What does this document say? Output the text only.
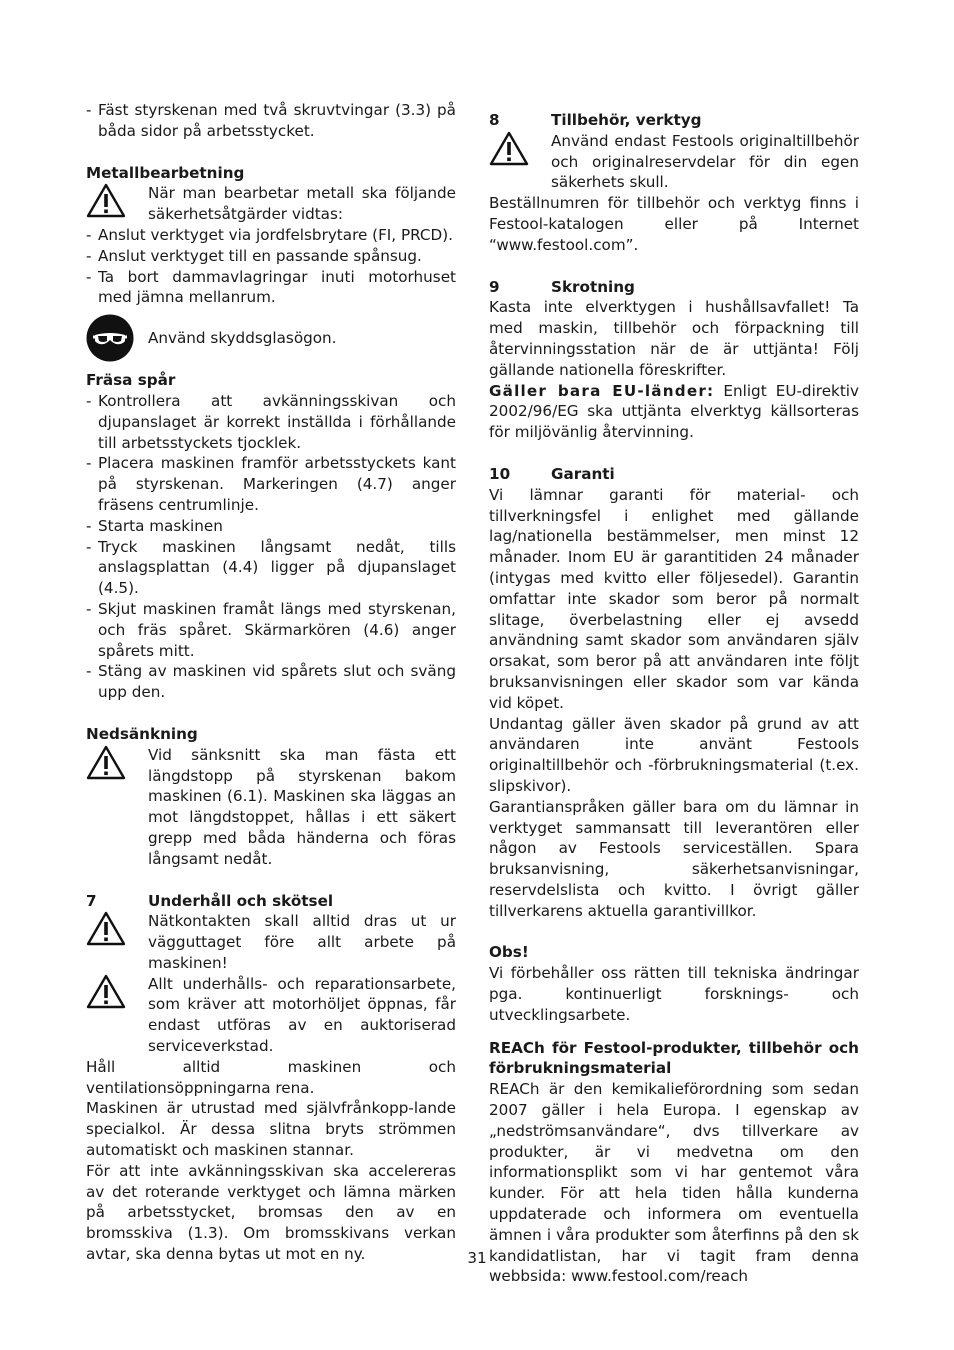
- Fäst styrskenan med två skruvtvingar (3.3) på båda sidor på arbetsstycket.

Metallbearbetning

När man bearbetar metall ska följande säkerhetsåtgärder vidtas:
- Anslut verktyget via jordfelsbrytare (FI, PRCD).
- Anslut verktyget till en passande spånsug.
- Ta bort dammavlagringar inuti motorhuset med jämna mellanrum.
Använd skyddsglasögon.

Fräsa spår

- Kontrollera att avkänningsskivan och djupanslaget är korrekt inställda i förhållande till arbetsstyckets tjocklek.
- Placera maskinen framför arbetsstyckets kant på styrskenan. Markeringen (4.7) anger fräsens centrumlinje.
- Starta maskinen
- Tryck maskinen långsamt nedåt, tills anslagsplattan (4.4) ligger på djupanslaget (4.5).
- Skjut maskinen framåt längs med styrskenan, och fräs spåret. Skärmarkören (4.6) anger spårets mitt.
- Stäng av maskinen vid spårets slut och sväng upp den.

Nedsänkning

Vid sänksnitt ska man fästa ett längdstopp på styrskenan bakom maskinen (6.1). Maskinen ska läggas an mot längdstoppet, hållas i ett säkert grepp med båda händerna och föras långsamt nedåt.
7	Underhåll och skötsel
Nätkontakten skall alltid dras ut ur vägguttaget före allt arbete på maskinen!
Allt underhålls- och reparationsarbete, som kräver att motorhöljet öppnas, får endast utföras av en auktoriserad serviceverkstad.

Håll alltid maskinen och ventilationsöppningarna rena.

Maskinen är utrustad med självfrånkopp-lande specialkol. Är dessa slitna bryts strömmen automatiskt och maskinen stannar.

För att inte avkänningsskivan ska accelereras av det roterande verktyget och lämna märken på arbetsstycket, bromsas den av en bromsskiva (1.3). Om bromsskivans verkan avtar, ska denna bytas ut mot en ny.

8	Tillbehör, verktyg
Använd endast Festools originaltillbehör och originalreservdelar för din egen säkerhets skull.

Beställnumren för tillbehör och verktyg finns i Festool-katalogen eller på Internet “www.festool.com”.

9	Skrotning

Kasta inte elverktygen i hushållsavfallet! Ta med maskin, tillbehör och förpackning till återvinningsstation när de är uttjänta! Följ gällande nationella föreskrifter.

Gäller bara EU-länder: Enligt EU-direktiv 2002/96/EG ska uttjänta elverktyg källsorteras för miljövänlig återvinning.

10	Garanti

Vi lämnar garanti för material- och tillverkningsfel i enlighet med gällande lag/nationella bestämmelser, men minst 12 månader. Inom EU är garantitiden 24 månader (intygas med kvitto eller följesedel). Garantin omfattar inte skador som beror på normalt slitage, överbelastning eller ej avsedd användning samt skador som användaren själv orsakat, som beror på att användaren inte följt bruksanvisningen eller skador som var kända vid köpet.

Undantag gäller även skador på grund av att användaren inte använt Festools originaltillbehör och -förbrukningsmaterial (t.ex. slipskivor).

Garantianspråken gäller bara om du lämnar in verktyget sammansatt till leverantören eller någon av Festools serviceställen. Spara bruksanvisning, säkerhetsanvisningar, reservdelslista och kvitto. I övrigt gäller tillverkarens aktuella garantivillkor.

Obs!

Vi förbehåller oss rätten till tekniska ändringar pga. kontinuerligt forsknings- och utvecklingsarbete.

REACh för Festool-produkter, tillbehör och förbrukningsmaterial

REACh är den kemikalieförordning som sedan 2007 gäller i hela Europa. I egenskap av „nedströmsanvändare“, dvs tillverkare av produkter, är vi medvetna om den informationsplikt som vi har gentemot våra kunder. För att hela tiden hålla kunderna uppdaterade och informera om eventuella ämnen i våra produkter som återfinns på den sk kandidatlistan, har vi tagit fram denna webbsida: www.festool.com/reach

31
